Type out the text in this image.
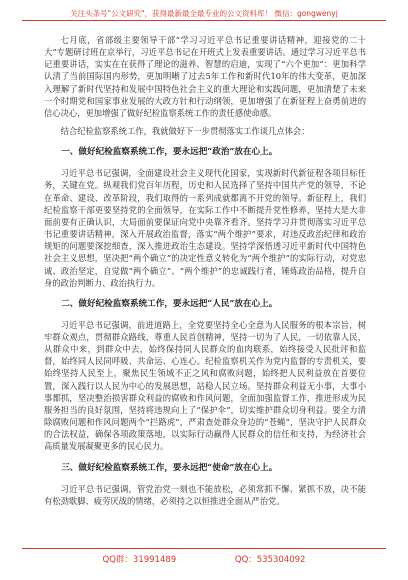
关注头条号"公文研究"，获得最新最全最专业的公文资料库！ 微信：gongwenyj

七月底，省部级主要领导干部“学习习近平总书记重要讲话精神，迎接党的二十大”专题研讨班在京举行，习近平总书记在开班式上发表重要讲话。通过学习习近平总书记重要讲话，实实在在获得了理论的滋养、智慧的启迪，实现了“六个更加”：更加科学认清了当前国际国内形势，更加明晰了过去5年工作和新时代10年的伟大变革，更加深入理解了新时代坚持和发展中国特色社会主义的重大理论和实践问题，更加清楚了未来一个时期党和国家事业发展的大政方针和行动纲领，更加增强了在新征程上奋勇前进的信心决心，更加增强了做好纪检监察系统工作的责任感使命感。

结合纪检监察系统工作，我就做好下一步贯彻落实工作谈几点体会：

一、做好纪检监察系统工作，要永远把“政治”放在心上。

习近平总书记强调，全面建设社会主义现代化国家，实现新时代新征程各项目标任务，关键在党。纵观我们党百年历程，历史和人民选择了坚持中国共产党的领导，不论在革命、建设、改革阶段，我们取得的一系列成就都离不开党的领导。新征程上，我们纪检监察干部更要坚持党的全面领导，在实际工作中不断提升党性修养，坚持大是大非面前要有正确认识，大局面前要保证向党中央靠齐看齐。坚持学习并贯彻落实习近平总书记重要讲话精神，深入开展政治监督，落实“两个维护”要求，对违反政治纪律和政治规矩的问题要深挖细查，深入推进政治生态建设。坚持学深悟透习近平新时代中国特色社会主义思想，坚决把“两个确立”的决定性意义转化为“两个维护”的实际行动，对党忠诚、政治坚定，自觉做“两个确立”、“两个维护”的忠诚践行者，锤炼政治品格，提升自身的政治判断力、政治执行力。

二、做好纪检监察系统工作，要永远把“人民”放在心上。

习近平总书记强调，前进道路上，全党要坚持全心全意为人民服务的根本宗旨，树牢群众观点，贯彻群众路线，尊重人民首创精神，坚持一切为了人民，一切依靠人民，从群众中来，到群众中去，始终保持同人民群众的血肉联系，始终接受人民批评和监督，始终同人民同呼吸、共命运、心连心。纪检监察机关作为党内监督的专责机关，要始终坚持人民至上，聚焦民生领域不正之风和腐败问题，始终把人民利益放在首要位置，深入践行以人民为中心的发展思想，站稳人民立场。坚持群众利益无小事，大事小事都抓，坚决整治损害群众利益的腐败和作风问题，全面加强监督工作，推进形成为民服务担当的良好氛围，坚持将违规向上了“保护伞”，切实维护群众切身利益。要全力清除腐败问题和作风问题两个“拦路虎”，严肃查处群众身边的“苍蝇”，坚决守护人民群众的合法权益，确保各项政策落地，以实际行动赢得人民群众的信任和支持，为经济社会高质量发展凝聚更多的民心民力。

三、做好纪检监察系统工作，要永远把“使命”放在心上。

习近平总书记强调，管党治党一刻也不能放松，必须常抓不懈、紧抓不放，决不能有松劲歇脚、疲劳厌战的情绪，必须持之以恒推进全面从严治党。

QQ群：31991489	QQ：535304092
